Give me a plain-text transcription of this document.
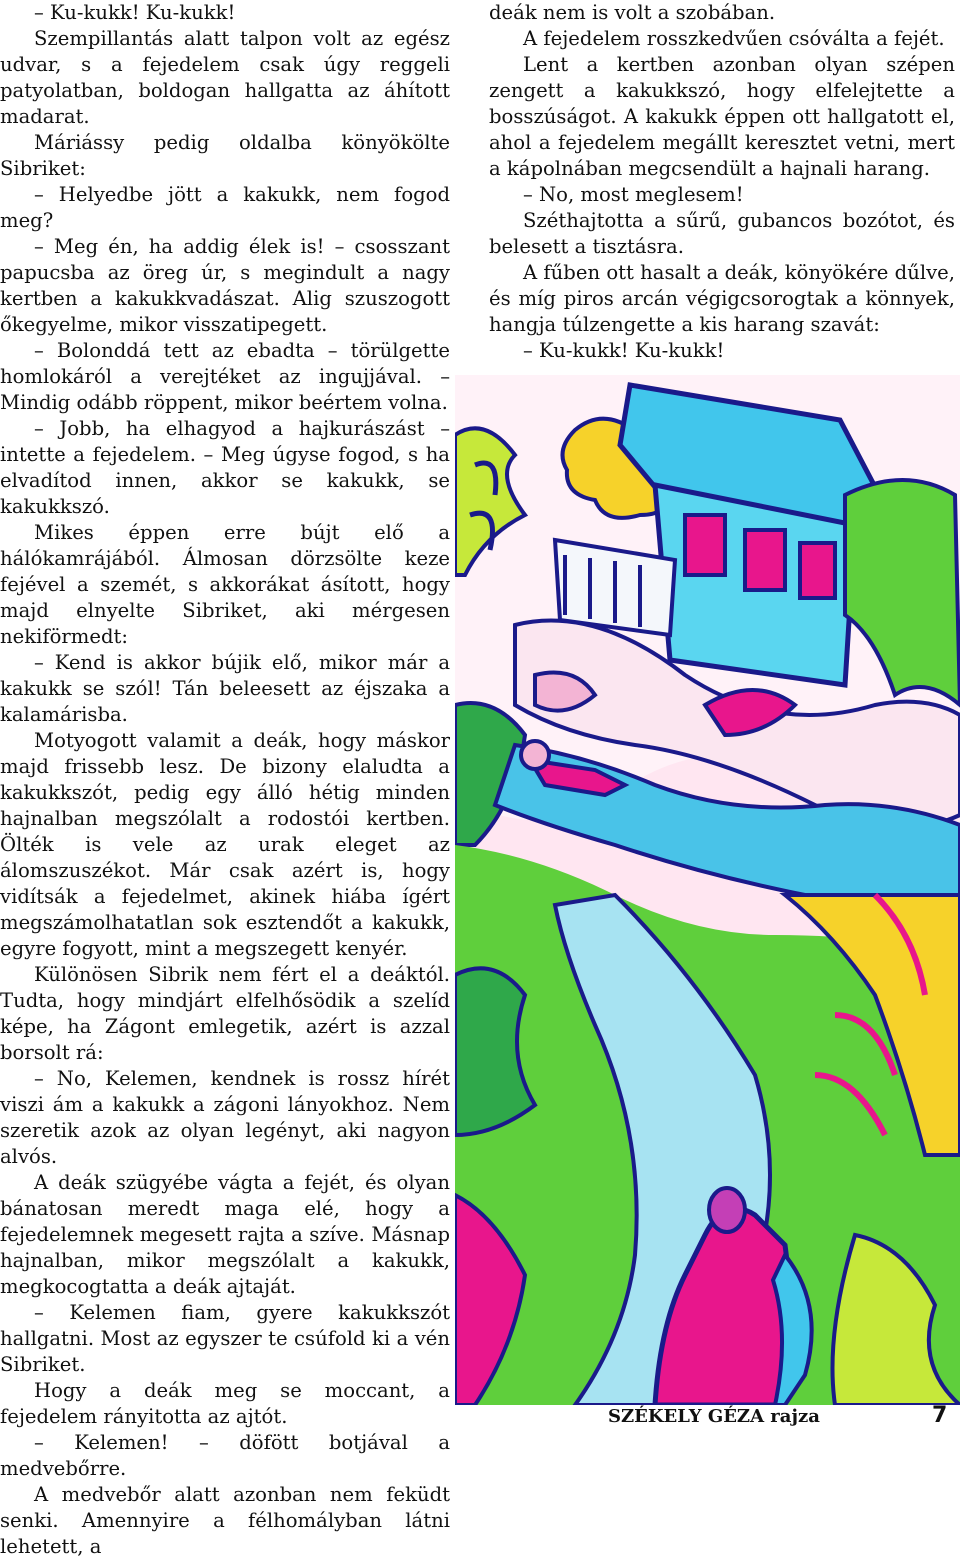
– Ku-kukk! Ku-kukk!

Szempillantás alatt talpon volt az egész udvar, s a fejedelem csak úgy reggeli patyolatban, boldogan hallgatta az áhított madarat.

Máriássy pedig oldalba könyökölte Sibriket:

– Helyedbe jött a kakukk, nem fogod meg?

– Meg én, ha addig élek is! – csosszant papucsba az öreg úr, s megindult a nagy kertben a kakukkvadászat. Alig szuszogott őkegyelme, mikor visszatipegett.

– Bolonddá tett az ebadta – törülgette homlokáról a verejtéket az ingujjával. – Mindig odább röppent, mikor beértem volna.

– Jobb, ha elhagyod a hajkurászást – intette a fejedelem. – Meg úgyse fogod, s ha elvadítod innen, akkor se kakukk, se kakukkszó.

Mikes éppen erre bújt elő a hálókamrájából. Álmosan dörzsölte keze fejével a szemét, s akkorákat ásított, hogy majd elnyelte Sibriket, aki mérgesen nekiförmedt:

– Kend is akkor bújik elő, mikor már a kakukk se szól! Tán beleesett az éjszaka a kalamárisba.

Motyogott valamit a deák, hogy máskor majd frissebb lesz. De bizony elaludta a kakukkszót, pedig egy álló hétig minden hajnalban megszólalt a rodostói kertben. Ölték is vele az urak eleget az álomszuszékot. Már csak azért is, hogy vidítsák a fejedelmet, akinek hiába ígért megszámolhatatlan sok esztendőt a kakukk, egyre fogyott, mint a megszegett kenyér.

Különösen Sibrik nem fért el a deáktól. Tudta, hogy mindjárt elfelhősödik a szelíd képe, ha Zágont emlegetik, azért is azzal borsolt rá:

– No, Kelemen, kendnek is rossz hírét viszi ám a kakukk a zágoni lányokhoz. Nem szeretik azok az olyan legényt, aki nagyon alvós.

A deák szügyébe vágta a fejét, és olyan bánatosan meredt maga elé, hogy a fejedelemnek megesett rajta a szíve. Másnap hajnalban, mikor megszólalt a kakukk, megkocogtatta a deák ajtaját.

– Kelemen fiam, gyere kakukkszót hallgatni. Most az egyszer te csúfold ki a vén Sibriket.

Hogy a deák meg se moccant, a fejedelem rányitotta az ajtót.

– Kelemen! – döfött botjával a medvebőrre.

A medvebőr alatt azonban nem feküdt senki. Amennyire a félhomályban látni lehetett, a

deák nem is volt a szobában.

A fejedelem rosszkedvűen csóválta a fejét.

Lent a kertben azonban olyan szépen zengett a kakukkszó, hogy elfelejtette a bosszúságot. A kakukk éppen ott hallgatott el, ahol a fejedelem megállt keresztet vetni, mert a kápolnában megcsendült a hajnali harang.

– No, most meglesem!

Széthajtotta a sűrű, gubancos bozótot, és belesett a tisztásra.

A fűben ott hasalt a deák, könyökére dűlve, és míg piros arcán végigcsorogtak a könnyek, hangja túlzengette a kis harang szavát:

– Ku-kukk! Ku-kukk!

SZÉKELY GÉZA rajza	7
